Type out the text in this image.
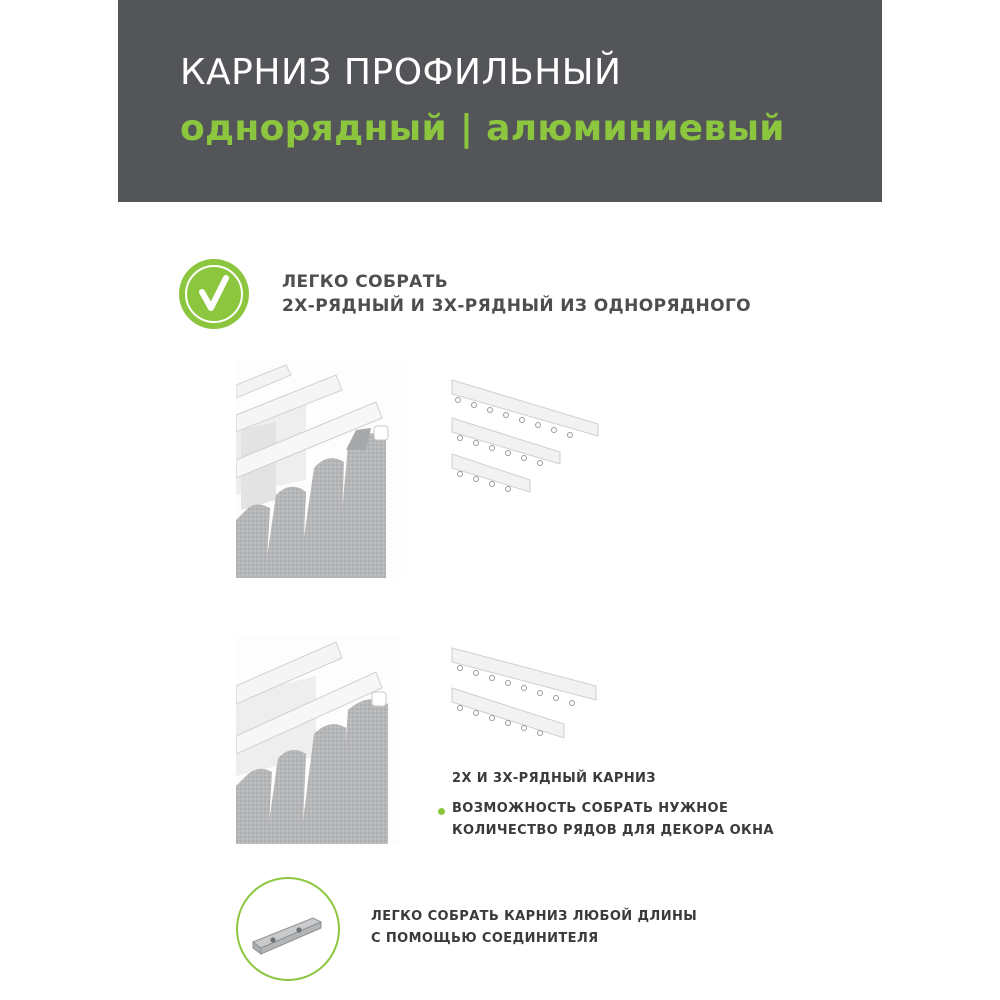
КАРНИЗ ПРОФИЛЬНЫЙ
однорядный | алюминиевый
ЛЕГКО СОБРАТЬ
2Х-РЯДНЫЙ И 3Х-РЯДНЫЙ ИЗ ОДНОРЯДНОГО
2Х И 3Х-РЯДНЫЙ КАРНИЗ
ВОЗМОЖНОСТЬ СОБРАТЬ НУЖНОЕ
КОЛИЧЕСТВО РЯДОВ ДЛЯ ДЕКОРА ОКНА
ЛЕГКО СОБРАТЬ КАРНИЗ ЛЮБОЙ ДЛИНЫ
С ПОМОЩЬЮ СОЕДИНИТЕЛЯ
